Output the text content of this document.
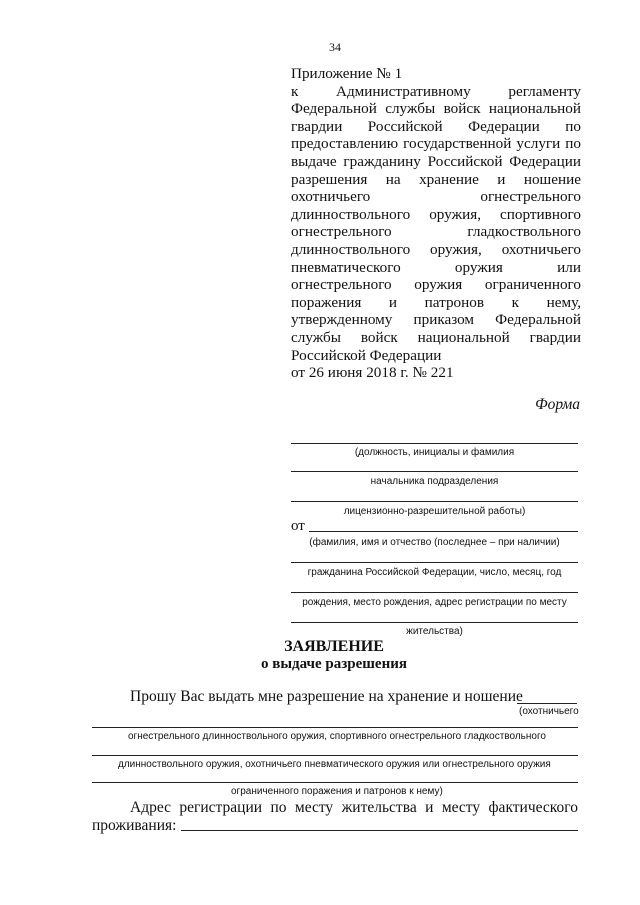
34
Приложение № 1
к Административному регламенту
Федеральной службы войск национальной
гвардии Российской Федерации по
предоставлению государственной услуги по
выдаче гражданину Российской Федерации
разрешения на хранение и ношение
охотничьего огнестрельного
длинноствольного оружия, спортивного
огнестрельного гладкоствольного
длинноствольного оружия, охотничьего
пневматического оружия или
огнестрельного оружия ограниченного
поражения и патронов к нему,
утвержденному приказом Федеральной
службы войск национальной гвардии
Российской Федерации
от 26 июня 2018 г. № 221
Форма
(должность, инициалы и фамилия
начальника подразделения
лицензионно-разрешительной работы)
от
(фамилия, имя и отчество (последнее – при наличии)
гражданина Российской Федерации, число, месяц, год
рождения, место рождения, адрес регистрации по месту
жительства)
ЗАЯВЛЕНИЕ
о выдаче разрешения
Прошу Вас выдать мне разрешение на хранение и ношение
(охотничьего
огнестрельного длинноствольного оружия, спортивного огнестрельного гладкоствольного
длинноствольного оружия, охотничьего пневматического оружия или огнестрельного оружия
ограниченного поражения и патронов к нему)
Адрес регистрации по месту жительства и месту фактического
проживания:
